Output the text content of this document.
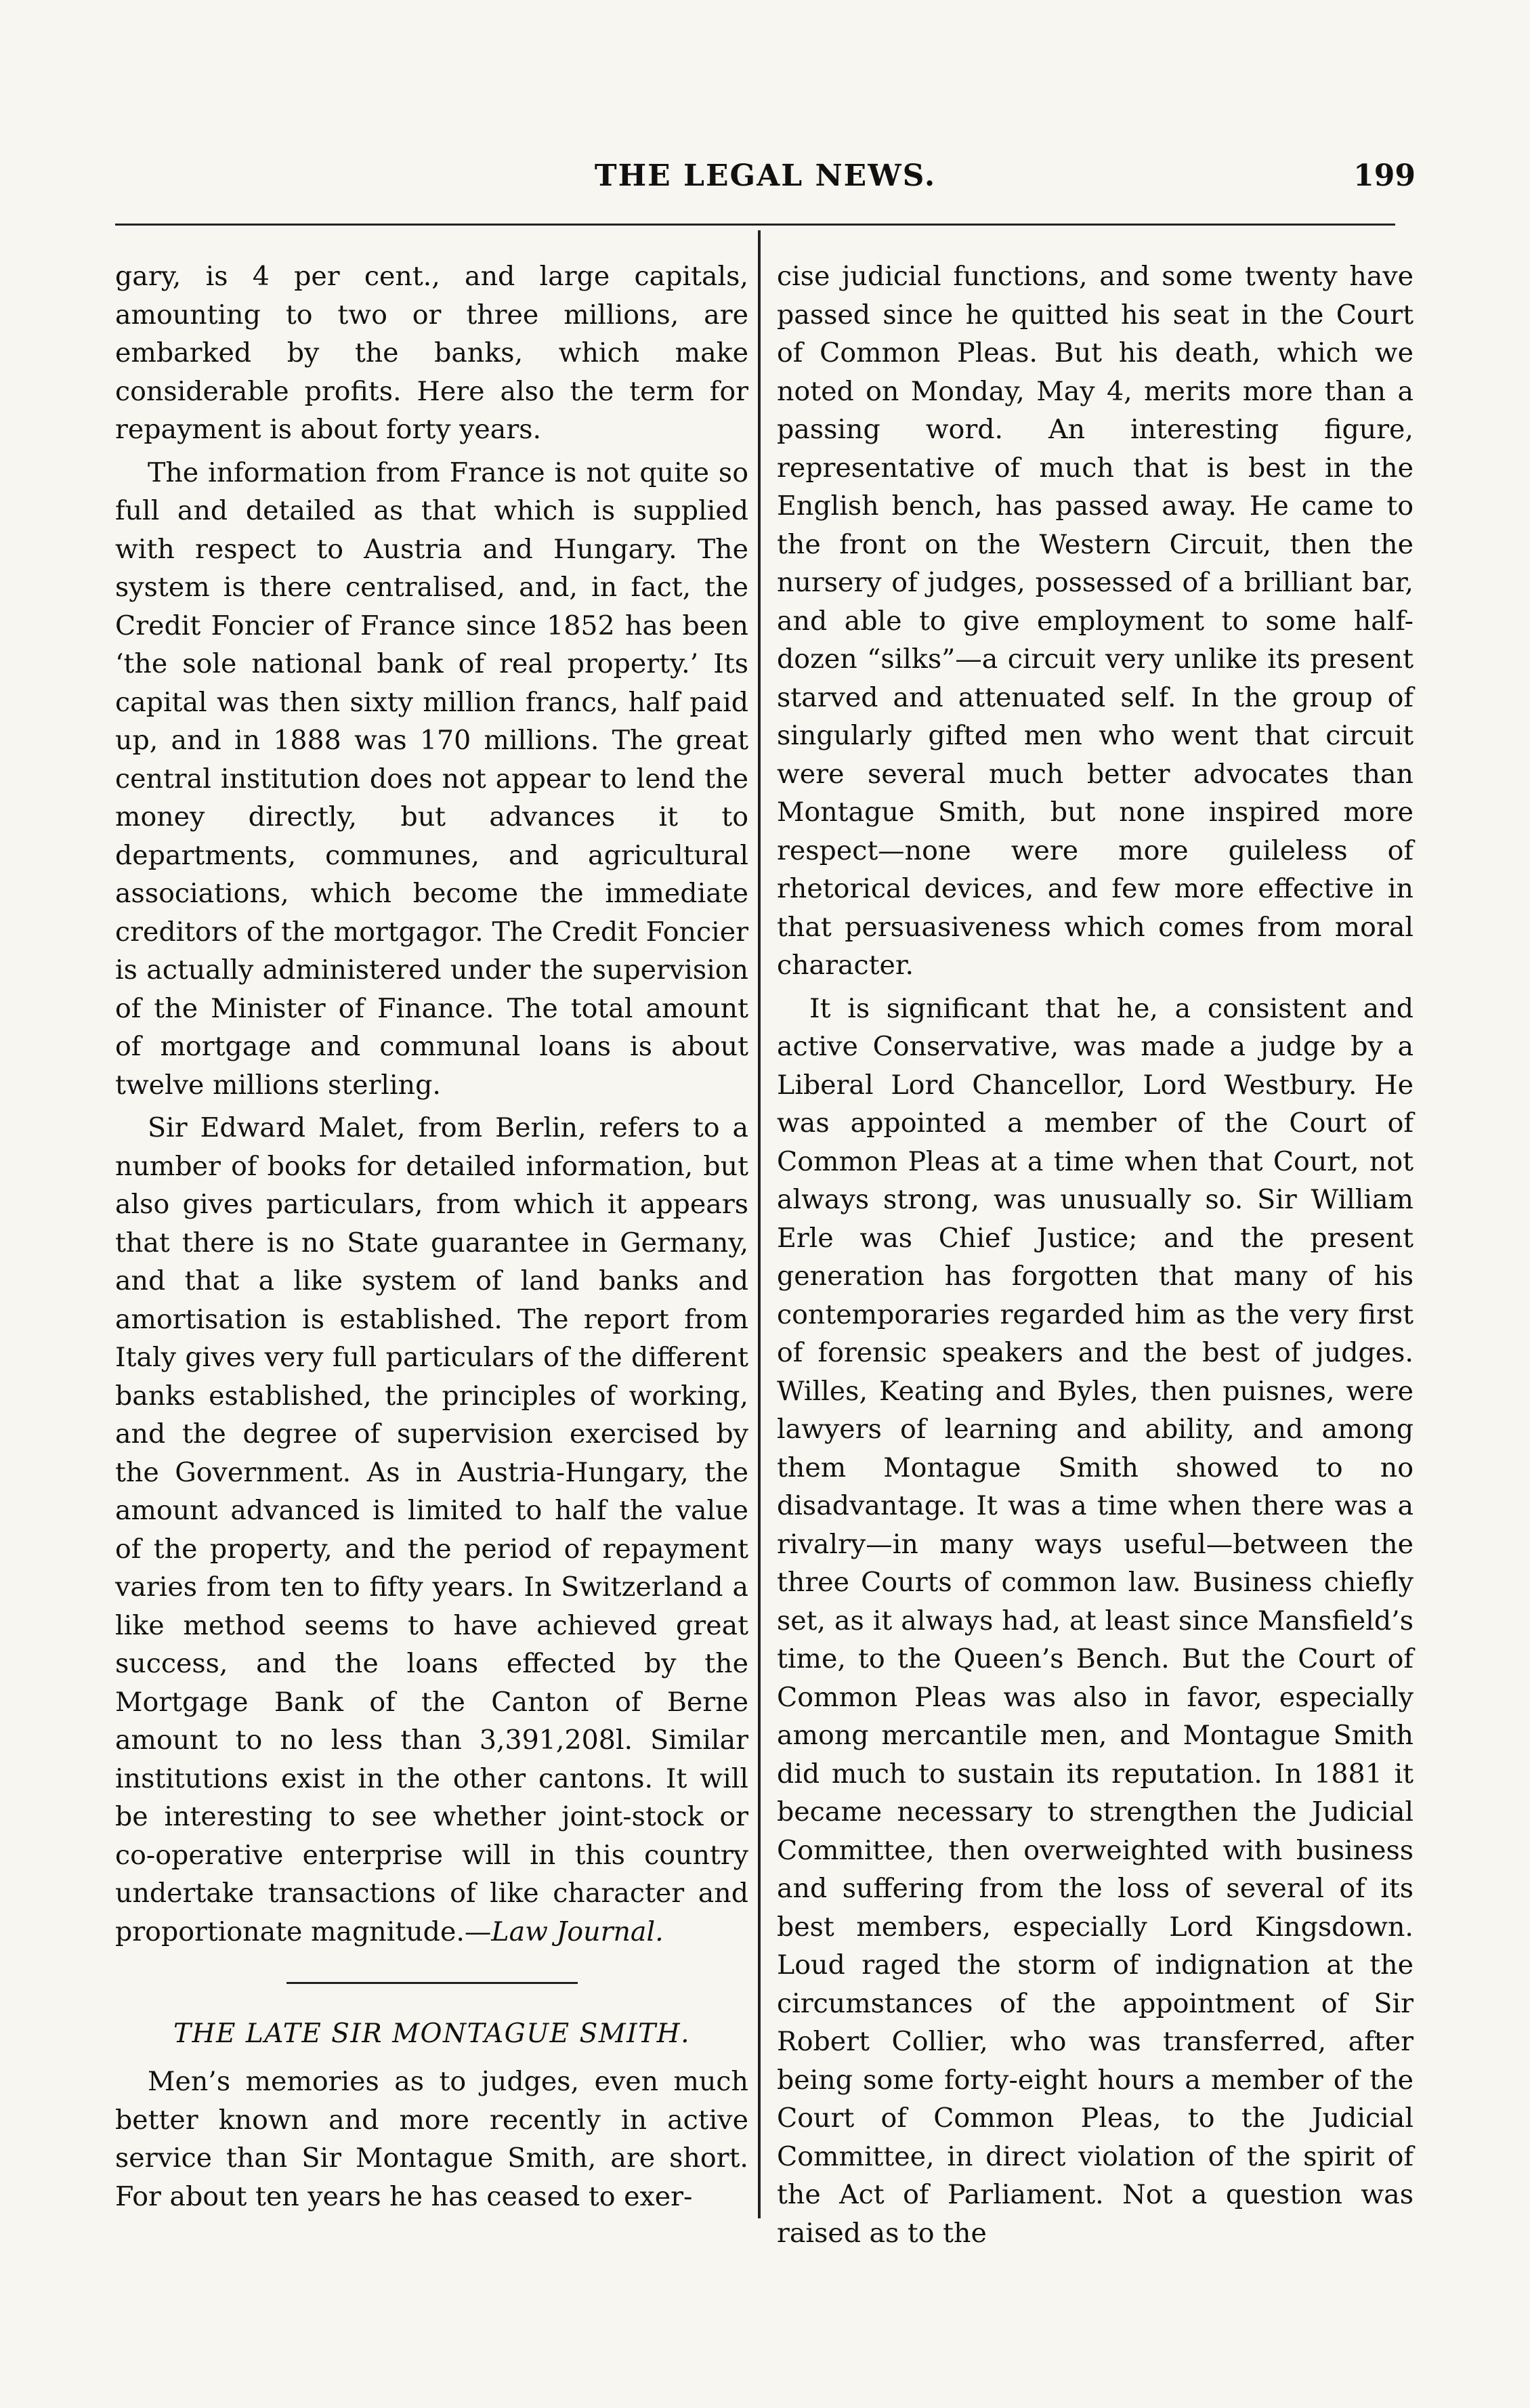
THE LEGAL NEWS.	199

gary, is 4 per cent., and large capitals, amounting to two or three millions, are embarked by the banks, which make considerable profits. Here also the term for repayment is about forty years.

The information from France is not quite so full and detailed as that which is supplied with respect to Austria and Hungary. The system is there centralised, and, in fact, the Credit Foncier of France since 1852 has been ‘the sole national bank of real property.’ Its capital was then sixty million francs, half paid up, and in 1888 was 170 millions. The great central institution does not appear to lend the money directly, but advances it to departments, communes, and agricultural associations, which become the immediate creditors of the mortgagor. The Credit Foncier is actually administered under the supervision of the Minister of Finance. The total amount of mortgage and communal loans is about twelve millions sterling.

Sir Edward Malet, from Berlin, refers to a number of books for detailed information, but also gives particulars, from which it appears that there is no State guarantee in Germany, and that a like system of land banks and amortisation is established. The report from Italy gives very full particulars of the different banks established, the principles of working, and the degree of supervision exercised by the Government. As in Austria-Hungary, the amount advanced is limited to half the value of the property, and the period of repayment varies from ten to fifty years. In Switzerland a like method seems to have achieved great success, and the loans effected by the Mortgage Bank of the Canton of Berne amount to no less than 3,391,208l. Similar institutions exist in the other cantons. It will be interesting to see whether joint-stock or co-operative enterprise will in this country undertake transactions of like character and proportionate magnitude.—Law Journal.

THE LATE SIR MONTAGUE SMITH.

Men’s memories as to judges, even much better known and more recently in active service than Sir Montague Smith, are short. For about ten years he has ceased to exer-

cise judicial functions, and some twenty have passed since he quitted his seat in the Court of Common Pleas. But his death, which we noted on Monday, May 4, merits more than a passing word. An interesting figure, representative of much that is best in the English bench, has passed away. He came to the front on the Western Circuit, then the nursery of judges, possessed of a brilliant bar, and able to give employment to some half-dozen “silks”—a circuit very unlike its present starved and attenuated self. In the group of singularly gifted men who went that circuit were several much better advocates than Montague Smith, but none inspired more respect—none were more guileless of rhetorical devices, and few more effective in that persuasiveness which comes from moral character.

It is significant that he, a consistent and active Conservative, was made a judge by a Liberal Lord Chancellor, Lord Westbury. He was appointed a member of the Court of Common Pleas at a time when that Court, not always strong, was unusually so. Sir William Erle was Chief Justice; and the present generation has forgotten that many of his contemporaries regarded him as the very first of forensic speakers and the best of judges. Willes, Keating and Byles, then puisnes, were lawyers of learning and ability, and among them Montague Smith showed to no disadvantage. It was a time when there was a rivalry—in many ways useful—between the three Courts of common law. Business chiefly set, as it always had, at least since Mansfield’s time, to the Queen’s Bench. But the Court of Common Pleas was also in favor, especially among mercantile men, and Montague Smith did much to sustain its reputation. In 1881 it became necessary to strengthen the Judicial Committee, then overweighted with business and suffering from the loss of several of its best members, especially Lord Kingsdown. Loud raged the storm of indignation at the circumstances of the appointment of Sir Robert Collier, who was transferred, after being some forty-eight hours a member of the Court of Common Pleas, to the Judicial Committee, in direct violation of the spirit of the Act of Parliament. Not a question was raised as to the
